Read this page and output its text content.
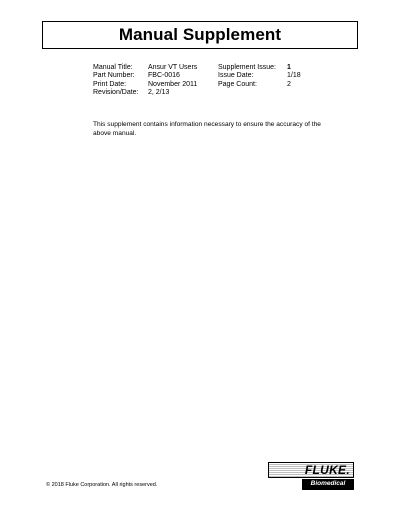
Manual Supplement
Manual Title:
Part Number:
Print Date:
Revision/Date:
Ansur VT Users
FBC-0016
November 2011
2, 2/13
Supplement Issue:
Issue Date:
Page Count:
1
1/18
2
This supplement contains information necessary to ensure the accuracy of the above manual.
© 2018 Fluke Corporation. All rights reserved.
FLUKE.
Biomedical
